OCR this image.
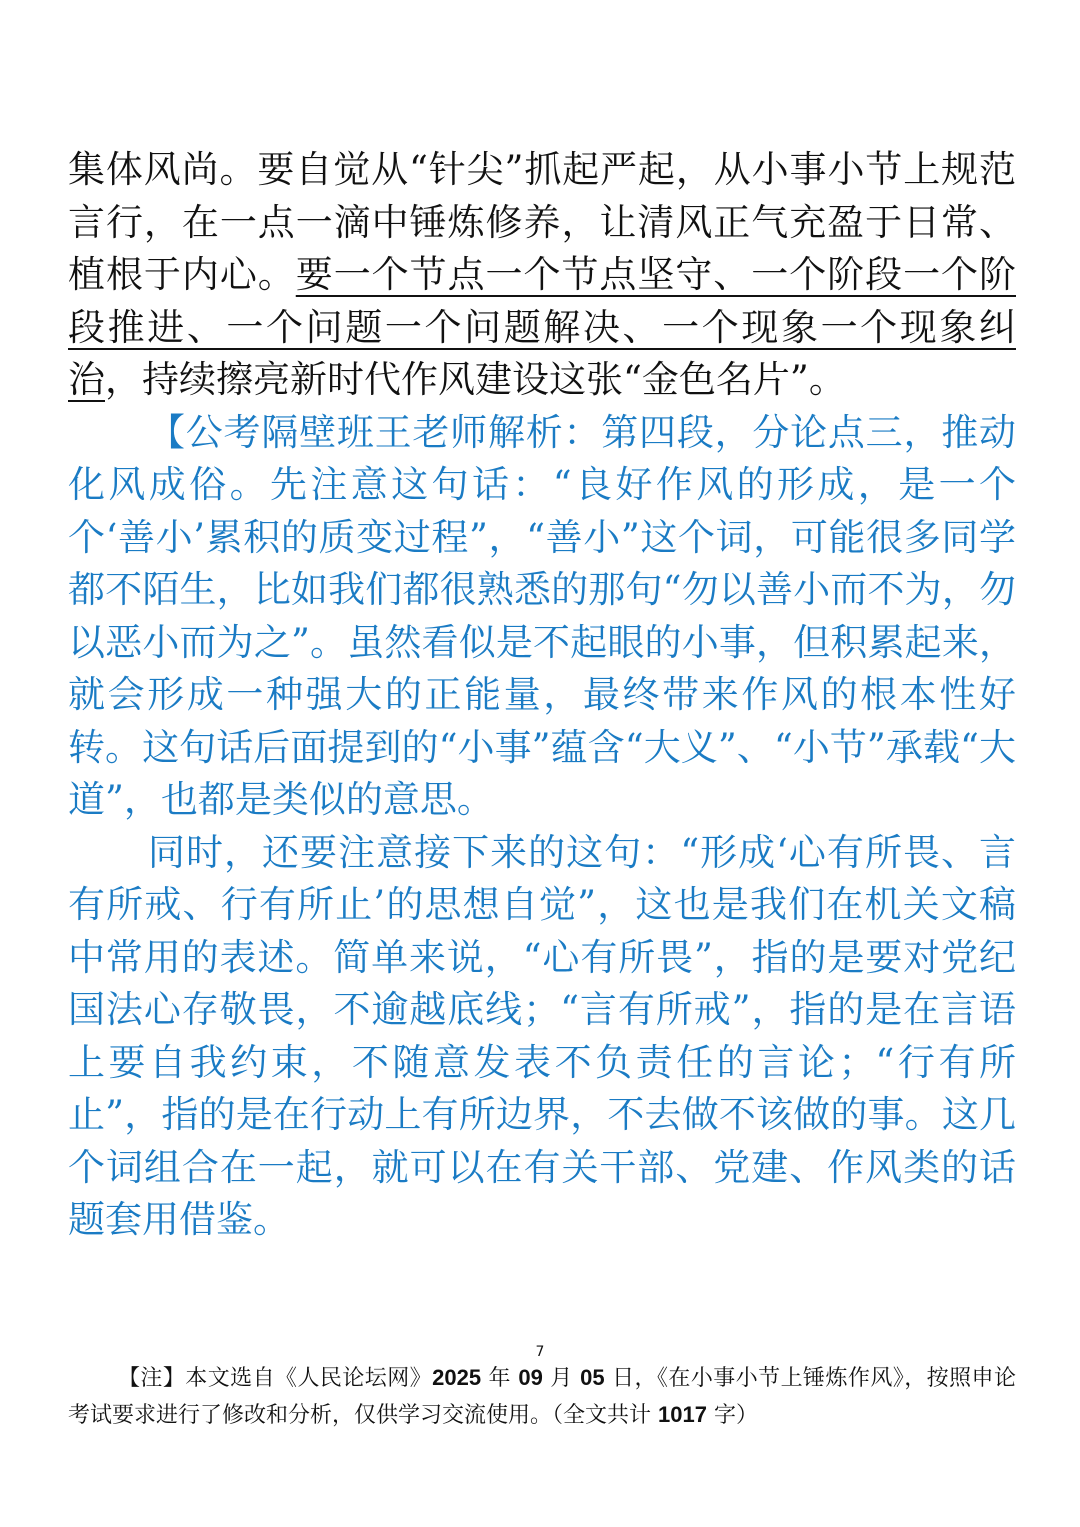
集体风尚。要自觉从“针尖”抓起严起，从小事小节上规范言行，在一点一滴中锤炼修养，让清风正气充盈于日常、植根于内心。要一个节点一个节点坚守、一个阶段一个阶段推进、一个问题一个问题解决、一个现象一个现象纠治，持续擦亮新时代作风建设这张“金色名片”。

【公考隔壁班王老师解析：第四段，分论点三，推动化风成俗。先注意这句话：“良好作风的形成，是一个个‘善小’累积的质变过程”，“善小”这个词，可能很多同学都不陌生，比如我们都很熟悉的那句“勿以善小而不为，勿以恶小而为之”。虽然看似是不起眼的小事，但积累起来，就会形成一种强大的正能量，最终带来作风的根本性好转。这句话后面提到的“小事”蕴含“大义”、“小节”承载“大道”，也都是类似的意思。

同时，还要注意接下来的这句：“形成‘心有所畏、言有所戒、行有所止’的思想自觉”，这也是我们在机关文稿中常用的表述。简单来说，“心有所畏”，指的是要对党纪国法心存敬畏，不逾越底线；“言有所戒”，指的是在言语上要自我约束，不随意发表不负责任的言论；“行有所止”，指的是在行动上有所边界，不去做不该做的事。这几个词组合在一起，就可以在有关干部、党建、作风类的话题套用借鉴。

7
【注】本文选自《人民论坛网》2025 年 09 月 05 日，《在小事小节上锤炼作风》，按照申论考试要求进行了修改和分析，仅供学习交流使用。（全文共计 1017 字）
